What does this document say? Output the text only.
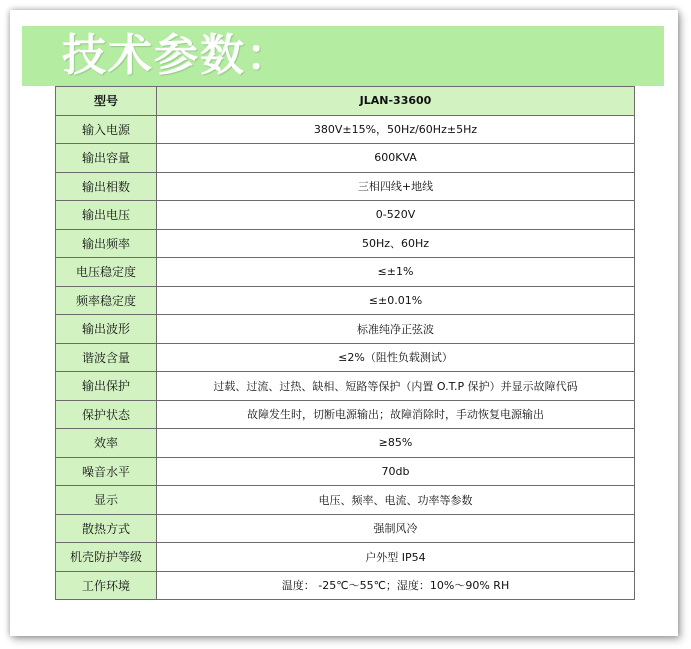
技术参数：
型号	JLAN-33600
输入电源	380V±15%，50Hz/60Hz±5Hz
输出容量	600KVA
输出相数	三相四线+地线
输出电压	0-520V
输出频率	50Hz、60Hz
电压稳定度	≤±1%
频率稳定度	≤±0.01%
输出波形	标准纯净正弦波
谐波含量	≤2%（阻性负载测试）
输出保护	过载、过流、过热、缺相、短路等保护（内置 O.T.P 保护）并显示故障代码
保护状态	故障发生时，切断电源输出；故障消除时，手动恢复电源输出
效率	≥85%
噪音水平	70db
显示	电压、频率、电流、功率等参数
散热方式	强制风冷
机壳防护等级	户外型 IP54
工作环境	温度： -25℃～55℃；湿度：10%～90% RH
